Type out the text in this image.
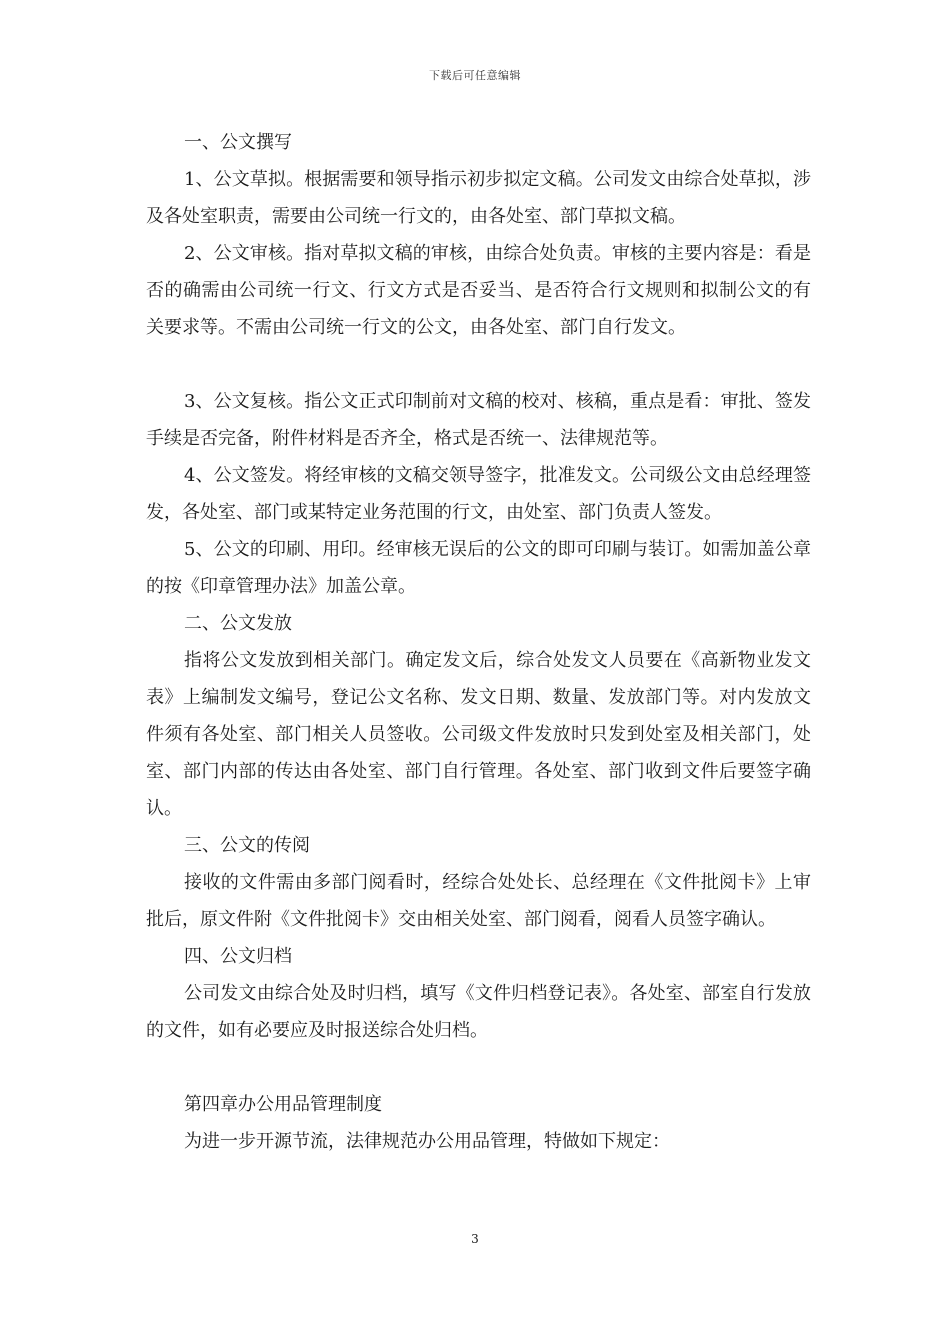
下载后可任意编辑

一、公文撰写

1、公文草拟。根据需要和领导指示初步拟定文稿。公司发文由综合处草拟，涉及各处室职责，需要由公司统一行文的，由各处室、部门草拟文稿。

2、公文审核。指对草拟文稿的审核，由综合处负责。审核的主要内容是：看是否的确需由公司统一行文、行文方式是否妥当、是否符合行文规则和拟制公文的有关要求等。不需由公司统一行文的公文，由各处室、部门自行发文。

3、公文复核。指公文正式印制前对文稿的校对、核稿，重点是看：审批、签发手续是否完备，附件材料是否齐全，格式是否统一、法律规范等。

4、公文签发。将经审核的文稿交领导签字，批准发文。公司级公文由总经理签发，各处室、部门或某特定业务范围的行文，由处室、部门负责人签发。

5、公文的印刷、用印。经审核无误后的公文的即可印刷与装订。如需加盖公章的按《印章管理办法》加盖公章。

二、公文发放

指将公文发放到相关部门。确定发文后，综合处发文人员要在《高新物业发文表》上编制发文编号，登记公文名称、发文日期、数量、发放部门等。对内发放文件须有各处室、部门相关人员签收。公司级文件发放时只发到处室及相关部门，处室、部门内部的传达由各处室、部门自行管理。各处室、部门收到文件后要签字确认。

三、公文的传阅

接收的文件需由多部门阅看时，经综合处处长、总经理在《文件批阅卡》上审批后，原文件附《文件批阅卡》交由相关处室、部门阅看，阅看人员签字确认。

四、公文归档

公司发文由综合处及时归档，填写《文件归档登记表》。各处室、部室自行发放的文件，如有必要应及时报送综合处归档。

第四章办公用品管理制度

为进一步开源节流，法律规范办公用品管理，特做如下规定：

3
